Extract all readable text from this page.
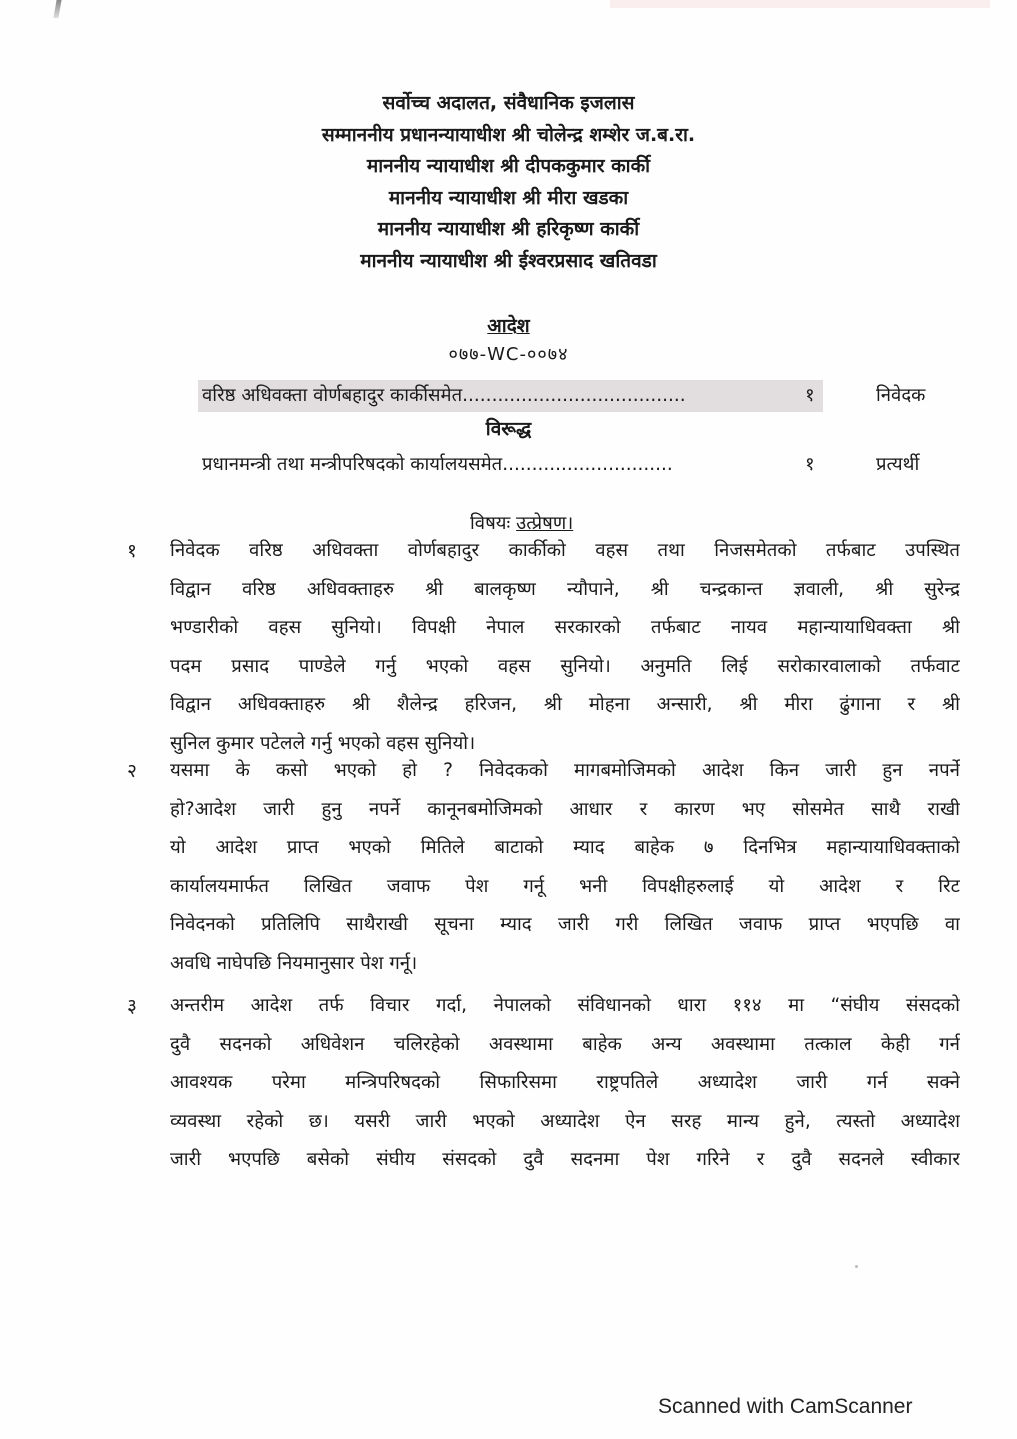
सर्वोच्च अदालत, संवैधानिक इजलास
सम्माननीय प्रधानन्यायाधीश श्री चोलेन्द्र शम्शेर ज.ब.रा.
माननीय न्यायाधीश श्री दीपककुमार कार्की
माननीय न्यायाधीश श्री मीरा खडका
माननीय न्यायाधीश श्री हरिकृष्ण कार्की
माननीय न्यायाधीश श्री ईश्वरप्रसाद खतिवडा
आदेश
०७७-WC-००७४
वरिष्ठ अधिवक्ता वोर्णबहादुर कार्कीसमेत......................................	१	निवेदक
विरूद्ध
प्रधानमन्त्री तथा मन्त्रीपरिषदको कार्यालयसमेत.............................	१	प्रत्यर्थी
विषयः उत्प्रेषण।
१ निवेदक वरिष्ठ अधिवक्ता वोर्णबहादुर कार्कीको वहस तथा निजसमेतको तर्फबाट उपस्थित
विद्वान वरिष्ठ अधिवक्ताहरु श्री बालकृष्ण न्यौपाने, श्री चन्द्रकान्त ज्ञवाली, श्री सुरेन्द्र
भण्डारीको वहस सुनियो। विपक्षी नेपाल सरकारको तर्फबाट नायव महान्यायाधिवक्ता श्री
पदम प्रसाद पाण्डेले गर्नु भएको वहस सुनियो। अनुमति लिई सरोकारवालाको तर्फवाट
विद्वान अधिवक्ताहरु श्री शैलेन्द्र हरिजन, श्री मोहना अन्सारी, श्री मीरा ढुंगाना र श्री
सुनिल कुमार पटेलले गर्नु भएको वहस सुनियो।
२ यसमा के कसो भएको हो ? निवेदकको मागबमोजिमको आदेश किन जारी हुन नपर्ने
हो?आदेश जारी हुनु नपर्ने कानूनबमोजिमको आधार र कारण भए सोसमेत साथै राखी
यो आदेश प्राप्त भएको मितिले बाटाको म्याद बाहेक ७ दिनभित्र महान्यायाधिवक्ताको
कार्यालयमार्फत लिखित जवाफ पेश गर्नू भनी विपक्षीहरुलाई यो आदेश र रिट
निवेदनको प्रतिलिपि साथैराखी सूचना म्याद जारी गरी लिखित जवाफ प्राप्त भएपछि वा
अवधि नाघेपछि नियमानुसार पेश गर्नू।
३ अन्तरीम आदेश तर्फ विचार गर्दा, नेपालको संविधानको धारा ११४ मा “संघीय संसदको
दुवै सदनको अधिवेशन चलिरहेको अवस्थामा बाहेक अन्य अवस्थामा तत्काल केही गर्न
आवश्यक परेमा मन्त्रिपरिषदको सिफारिसमा राष्ट्रपतिले अध्यादेश जारी गर्न सक्ने
व्यवस्था रहेको छ। यसरी जारी भएको अध्यादेश ऐन सरह मान्य हुने, त्यस्तो अध्यादेश
जारी भएपछि बसेको संघीय संसदको दुवै सदनमा पेश गरिने र दुवै सदनले स्वीकार
Scanned with CamScanner
